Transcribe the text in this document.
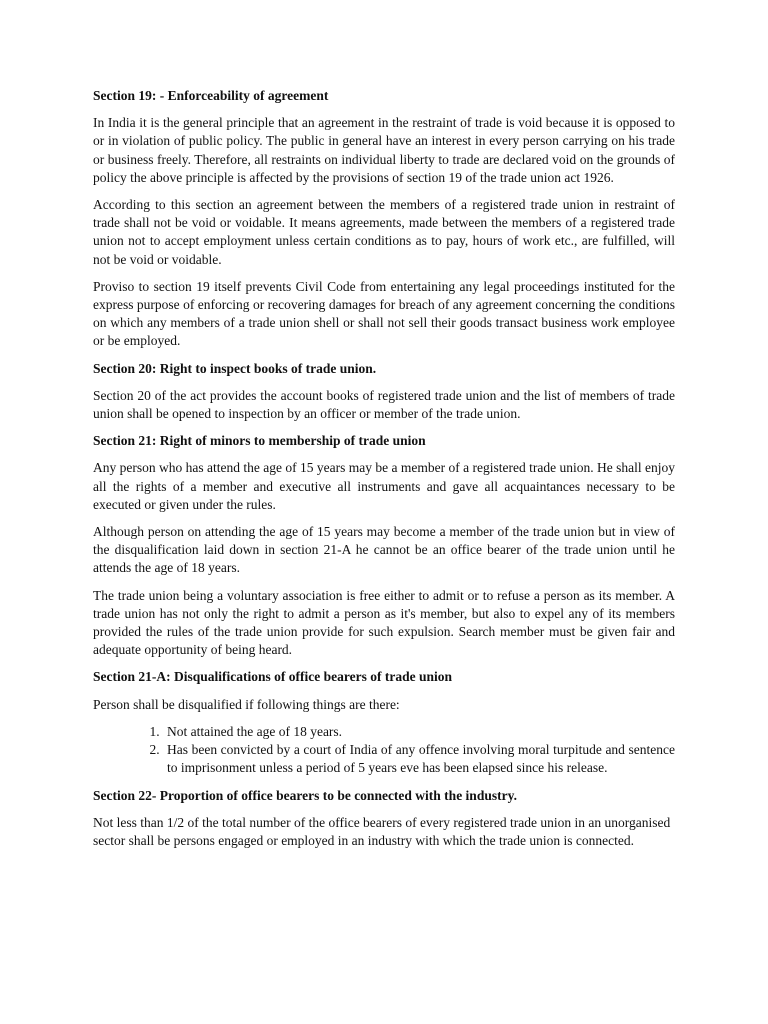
Section 19: - Enforceability of agreement

In India it is the general principle that an agreement in the restraint of trade is void because it is opposed to or in violation of public policy. The public in general have an interest in every person carrying on his trade or business freely. Therefore, all restraints on individual liberty to trade are declared void on the grounds of policy the above principle is affected by the provisions of section 19 of the trade union act 1926.

According to this section an agreement between the members of a registered trade union in restraint of trade shall not be void or voidable. It means agreements, made between the members of a registered trade union not to accept employment unless certain conditions as to pay, hours of work etc., are fulfilled, will not be void or voidable.

Proviso to section 19 itself prevents Civil Code from entertaining any legal proceedings instituted for the express purpose of enforcing or recovering damages for breach of any agreement concerning the conditions on which any members of a trade union shell or shall not sell their goods transact business work employee or be employed.

Section 20: Right to inspect books of trade union.

Section 20 of the act provides the account books of registered trade union and the list of members of trade union shall be opened to inspection by an officer or member of the trade union.

Section 21: Right of minors to membership of trade union

Any person who has attend the age of 15 years may be a member of a registered trade union. He shall enjoy all the rights of a member and executive all instruments and gave all acquaintances necessary to be executed or given under the rules.

Although person on attending the age of 15 years may become a member of the trade union but in view of the disqualification laid down in section 21-A he cannot be an office bearer of the trade union until he attends the age of 18 years.

The trade union being a voluntary association is free either to admit or to refuse a person as its member. A trade union has not only the right to admit a person as it's member, but also to expel any of its members provided the rules of the trade union provide for such expulsion. Search member must be given fair and adequate opportunity of being heard.

Section 21-A: Disqualifications of office bearers of trade union

Person shall be disqualified if following things are there:

1. Not attained the age of 18 years.
2. Has been convicted by a court of India of any offence involving moral turpitude and sentence to imprisonment unless a period of 5 years eve has been elapsed since his release.

Section 22- Proportion of office bearers to be connected with the industry.

Not less than 1/2 of the total number of the office bearers of every registered trade union in an unorganised sector shall be persons engaged or employed in an industry with which the trade union is connected.
